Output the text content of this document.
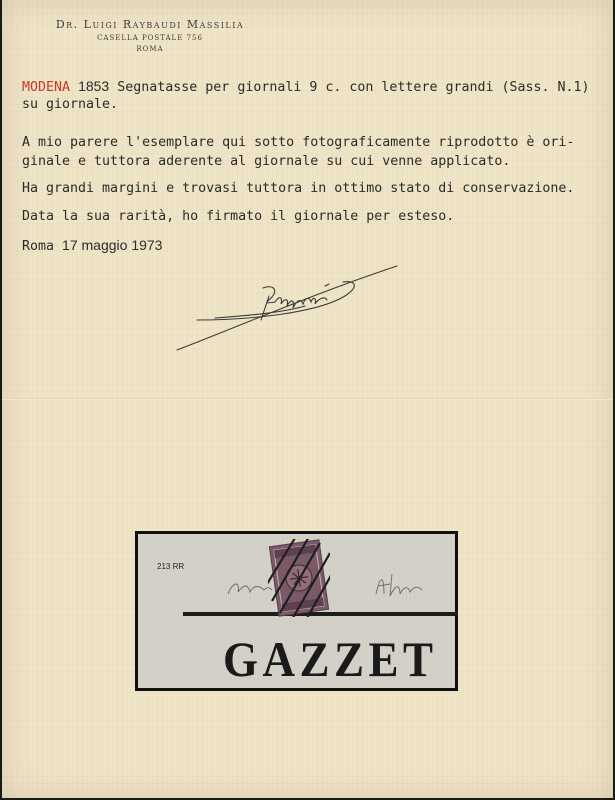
Dr. Luigi Raybaudi Massilia
CASELLA POSTALE 756
ROMA
MODENA 1853 Segnatasse per giornali 9 c. con lettere grandi (Sass. N.1)
su giornale.
A mio parere l'esemplare qui sotto fotograficamente riprodotto è ori-
ginale e tuttora aderente al giornale su cui venne applicato.
Ha grandi margini e trovasi tuttora in ottimo stato di conservazione.
Data la sua rarità, ho firmato il giornale per esteso.
Roma 17 maggio 1973
213 RR
GAZZET
